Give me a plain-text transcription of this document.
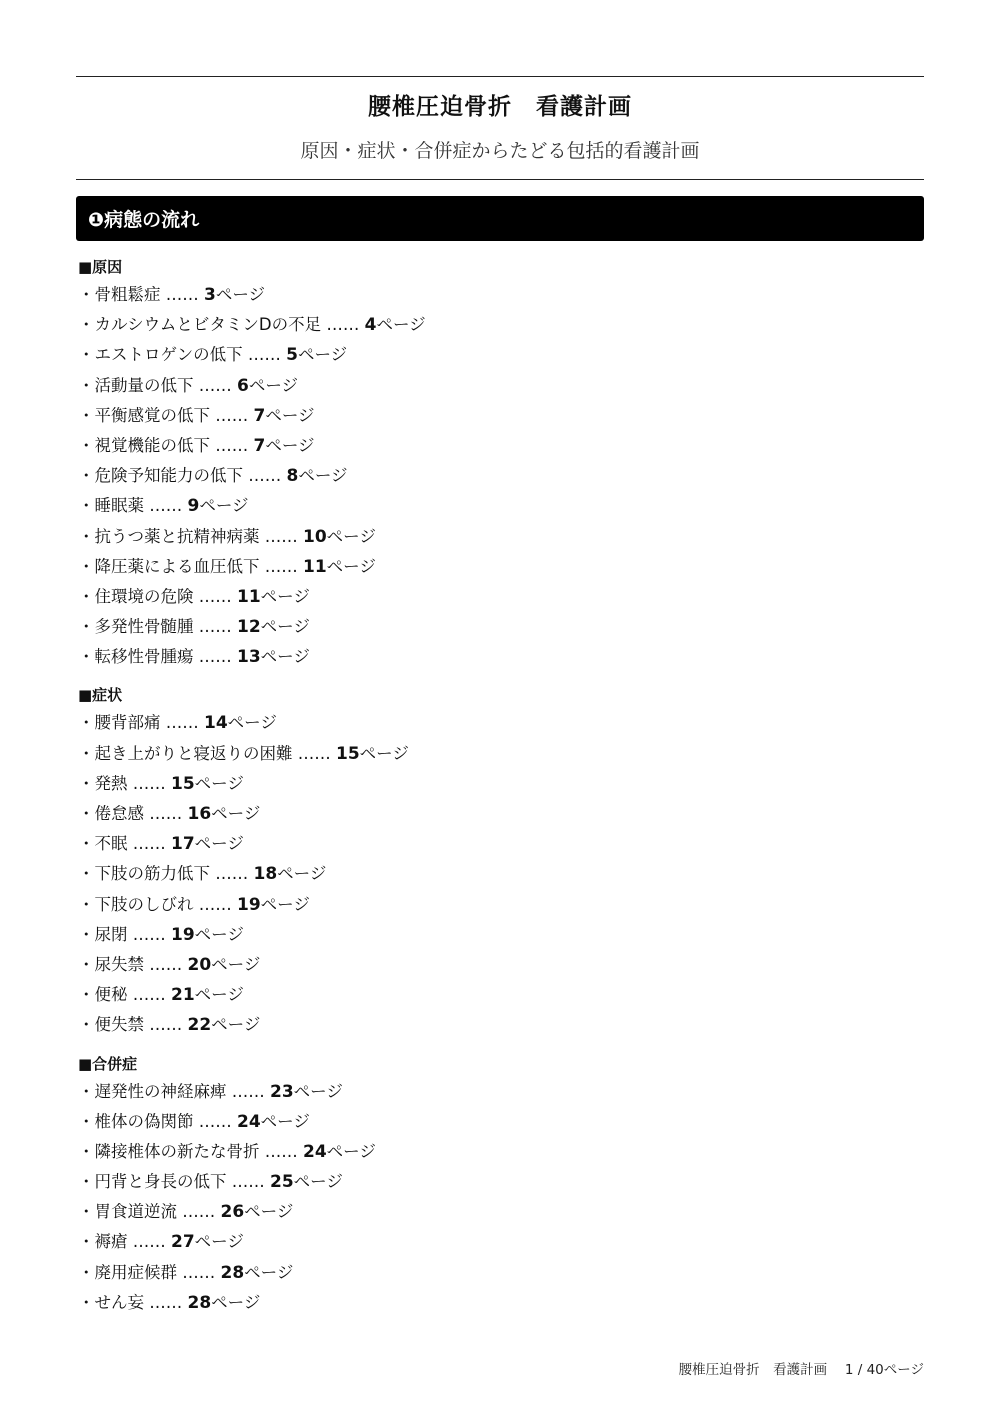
腰椎圧迫骨折　看護計画
原因・症状・合併症からたどる包括的看護計画
❶病態の流れ
■原因
・骨粗鬆症 …… 3ページ
・カルシウムとビタミンDの不足 …… 4ページ
・エストロゲンの低下 …… 5ページ
・活動量の低下 …… 6ページ
・平衡感覚の低下 …… 7ページ
・視覚機能の低下 …… 7ページ
・危険予知能力の低下 …… 8ページ
・睡眠薬 …… 9ページ
・抗うつ薬と抗精神病薬 …… 10ページ
・降圧薬による血圧低下 …… 11ページ
・住環境の危険 …… 11ページ
・多発性骨髄腫 …… 12ページ
・転移性骨腫瘍 …… 13ページ
■症状
・腰背部痛 …… 14ページ
・起き上がりと寝返りの困難 …… 15ページ
・発熱 …… 15ページ
・倦怠感 …… 16ページ
・不眠 …… 17ページ
・下肢の筋力低下 …… 18ページ
・下肢のしびれ …… 19ページ
・尿閉 …… 19ページ
・尿失禁 …… 20ページ
・便秘 …… 21ページ
・便失禁 …… 22ページ
■合併症
・遅発性の神経麻痺 …… 23ページ
・椎体の偽関節 …… 24ページ
・隣接椎体の新たな骨折 …… 24ページ
・円背と身長の低下 …… 25ページ
・胃食道逆流 …… 26ページ
・褥瘡 …… 27ページ
・廃用症候群 …… 28ページ
・せん妄 …… 28ページ
腰椎圧迫骨折　看護計画　 1 / 40ページ
